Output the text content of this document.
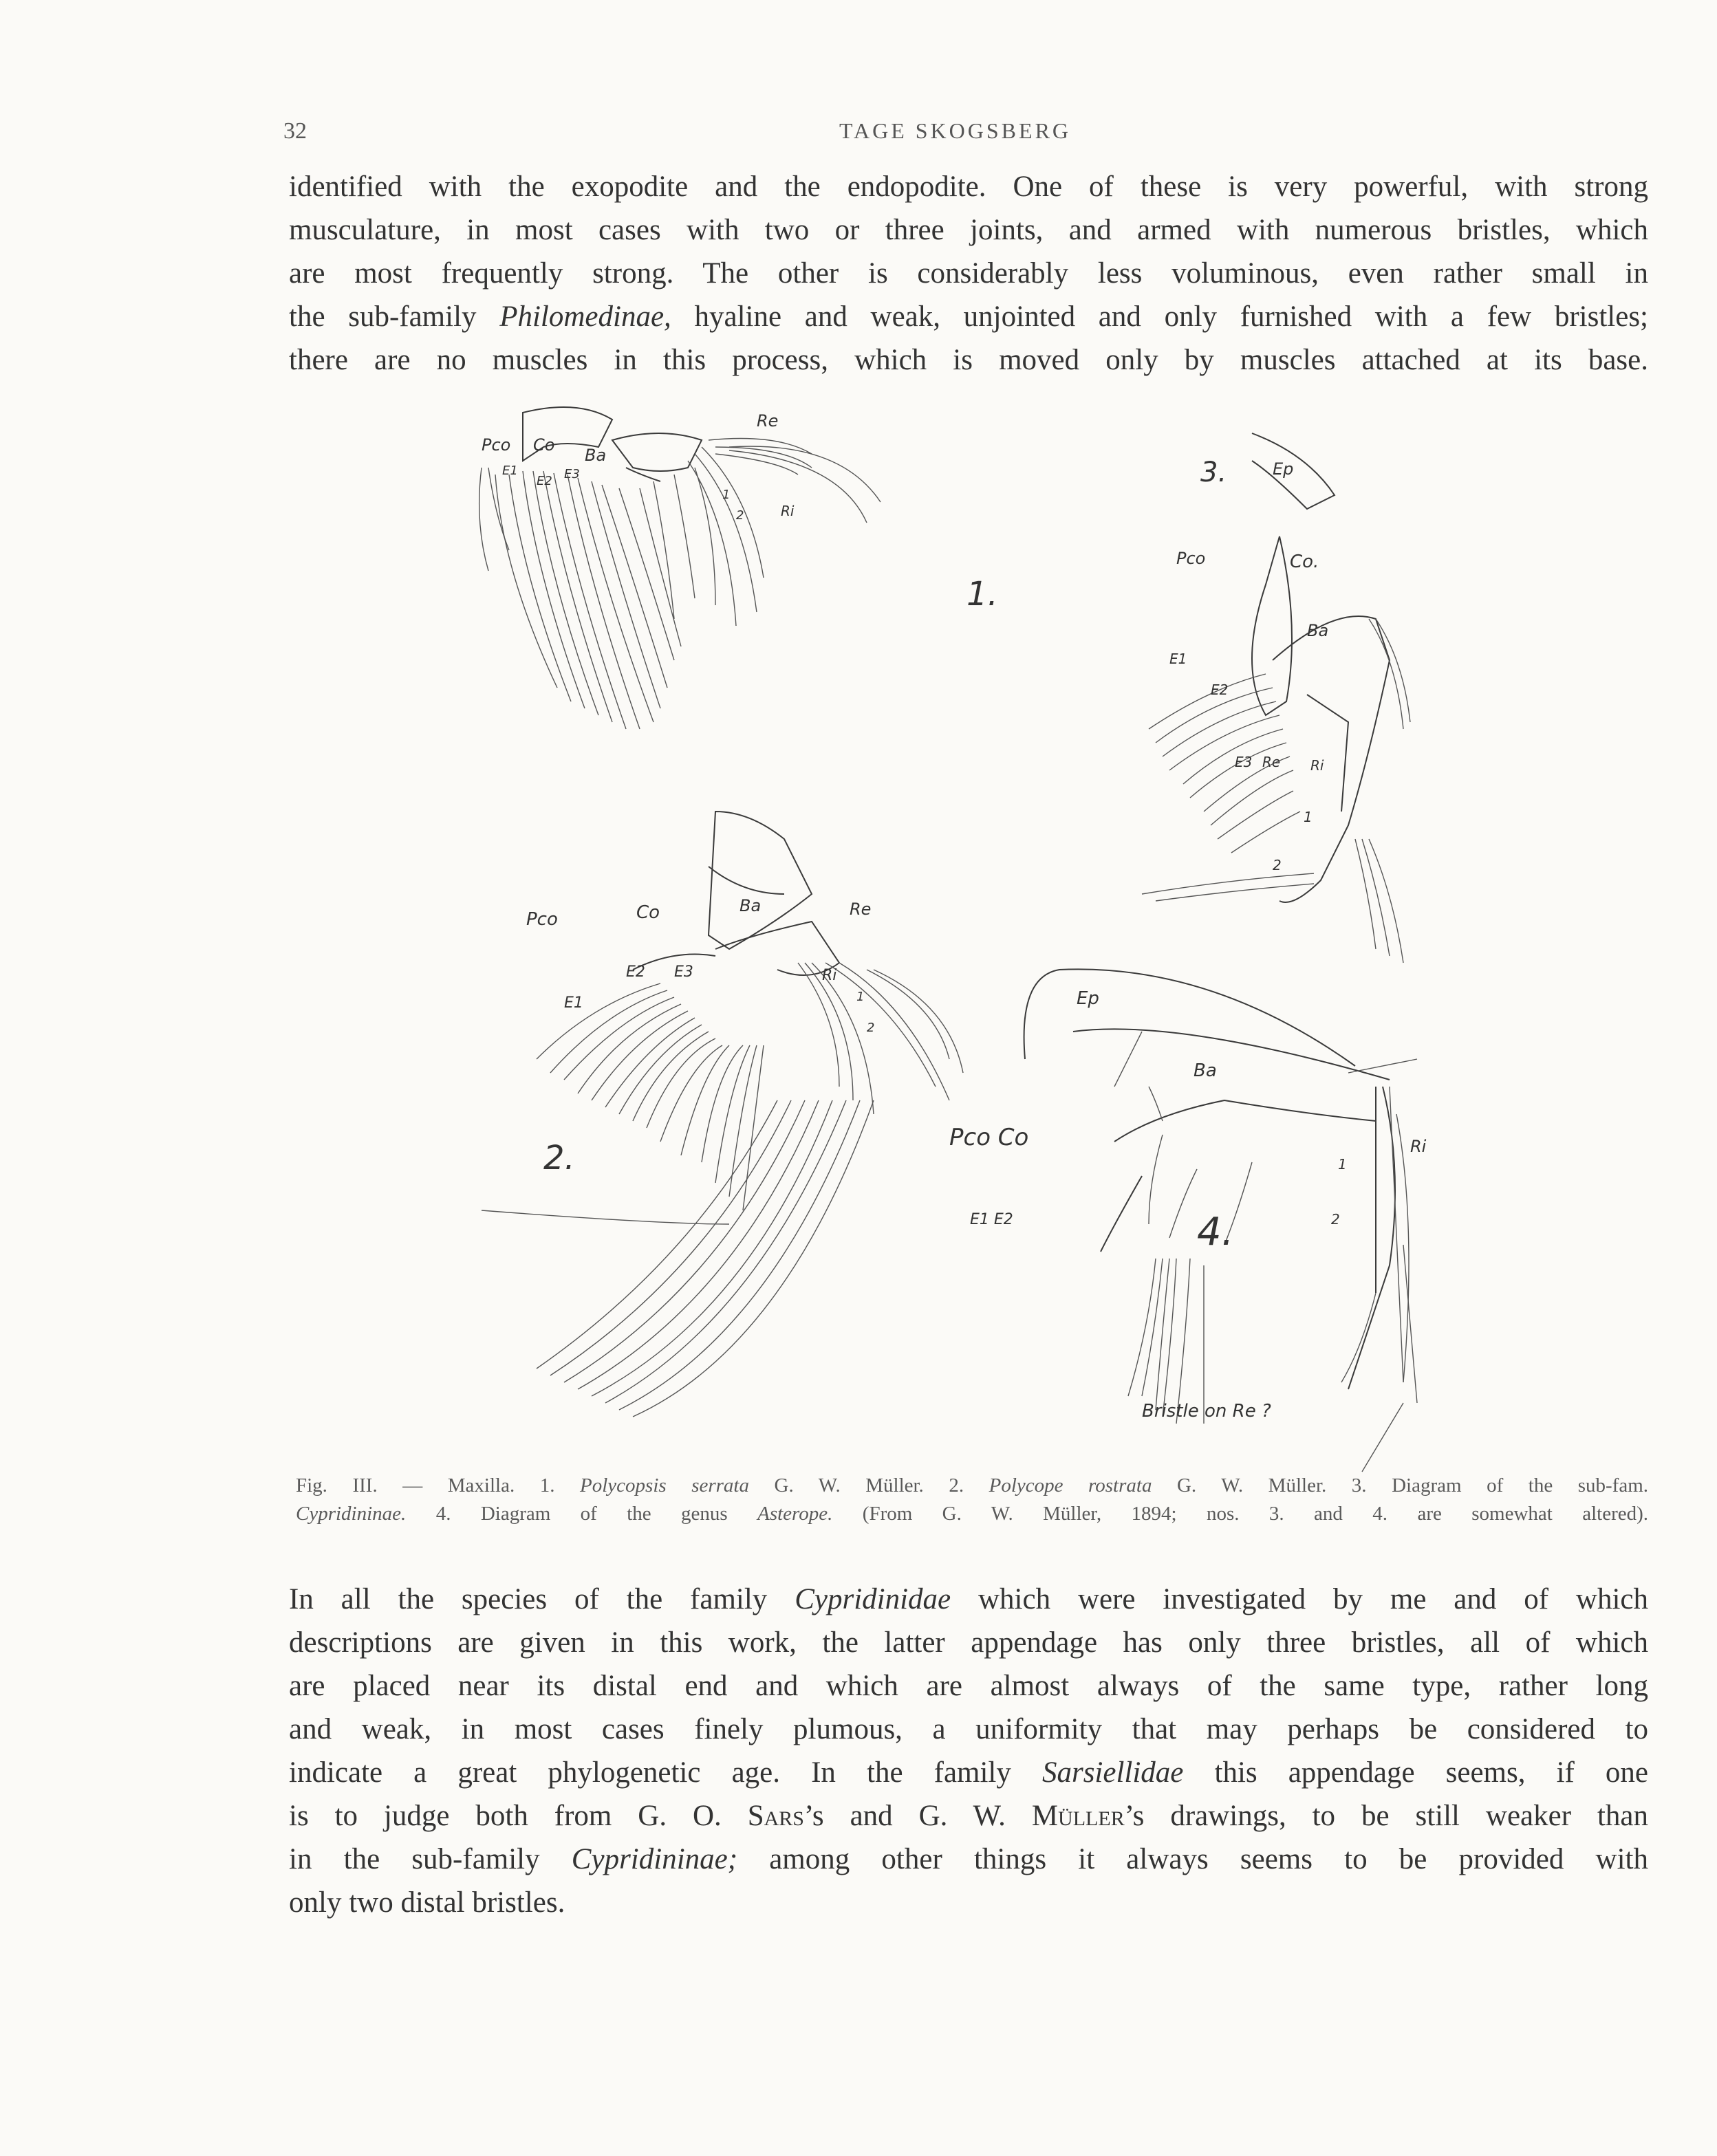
32	TAGE SKOGSBERG
identified with the exopodite and the endopodite. One of these is very powerful, with strong
musculature, in most cases with two or three joints, and armed with numerous bristles, which
are most frequently strong. The other is considerably less voluminous, even rather small in
the sub-family Philomedinae, hyaline and weak, unjointed and only furnished with a few bristles;
there are no muscles in this process, which is moved only by muscles attached at its base.
Pco Co
Ba
Re
Ri
E1
E2 E3
1
2
1.
3.	Ep
Pco	Co.
Ba
E1
E2
E3 Re Ri
1
2
Pco	Co	Ba	Re
Ri
E1
E2 E3
1
2
2.
Ep
Ba
Pco Co
E1 E2
Ri
1
2
4.
Bristle on Re ?
Fig. III. — Maxilla. 1. Polycopsis serrata G. W. Müller. 2. Polycope rostrata G. W. Müller. 3. Diagram of the sub-fam.
Cypridininae. 4. Diagram of the genus Asterope. (From G. W. Müller, 1894; nos. 3. and 4. are somewhat altered).
In all the species of the family Cypridinidae which were investigated by me and of which
descriptions are given in this work, the latter appendage has only three bristles, all of which
are placed near its distal end and which are almost always of the same type, rather long
and weak, in most cases finely plumous, a uniformity that may perhaps be considered to
indicate a great phylogenetic age. In the family Sarsiellidae this appendage seems, if one
is to judge both from G. O. Sars’s and G. W. Müller’s drawings, to be still weaker than
in the sub-family Cypridininae; among other things it always seems to be provided with
only two distal bristles.
